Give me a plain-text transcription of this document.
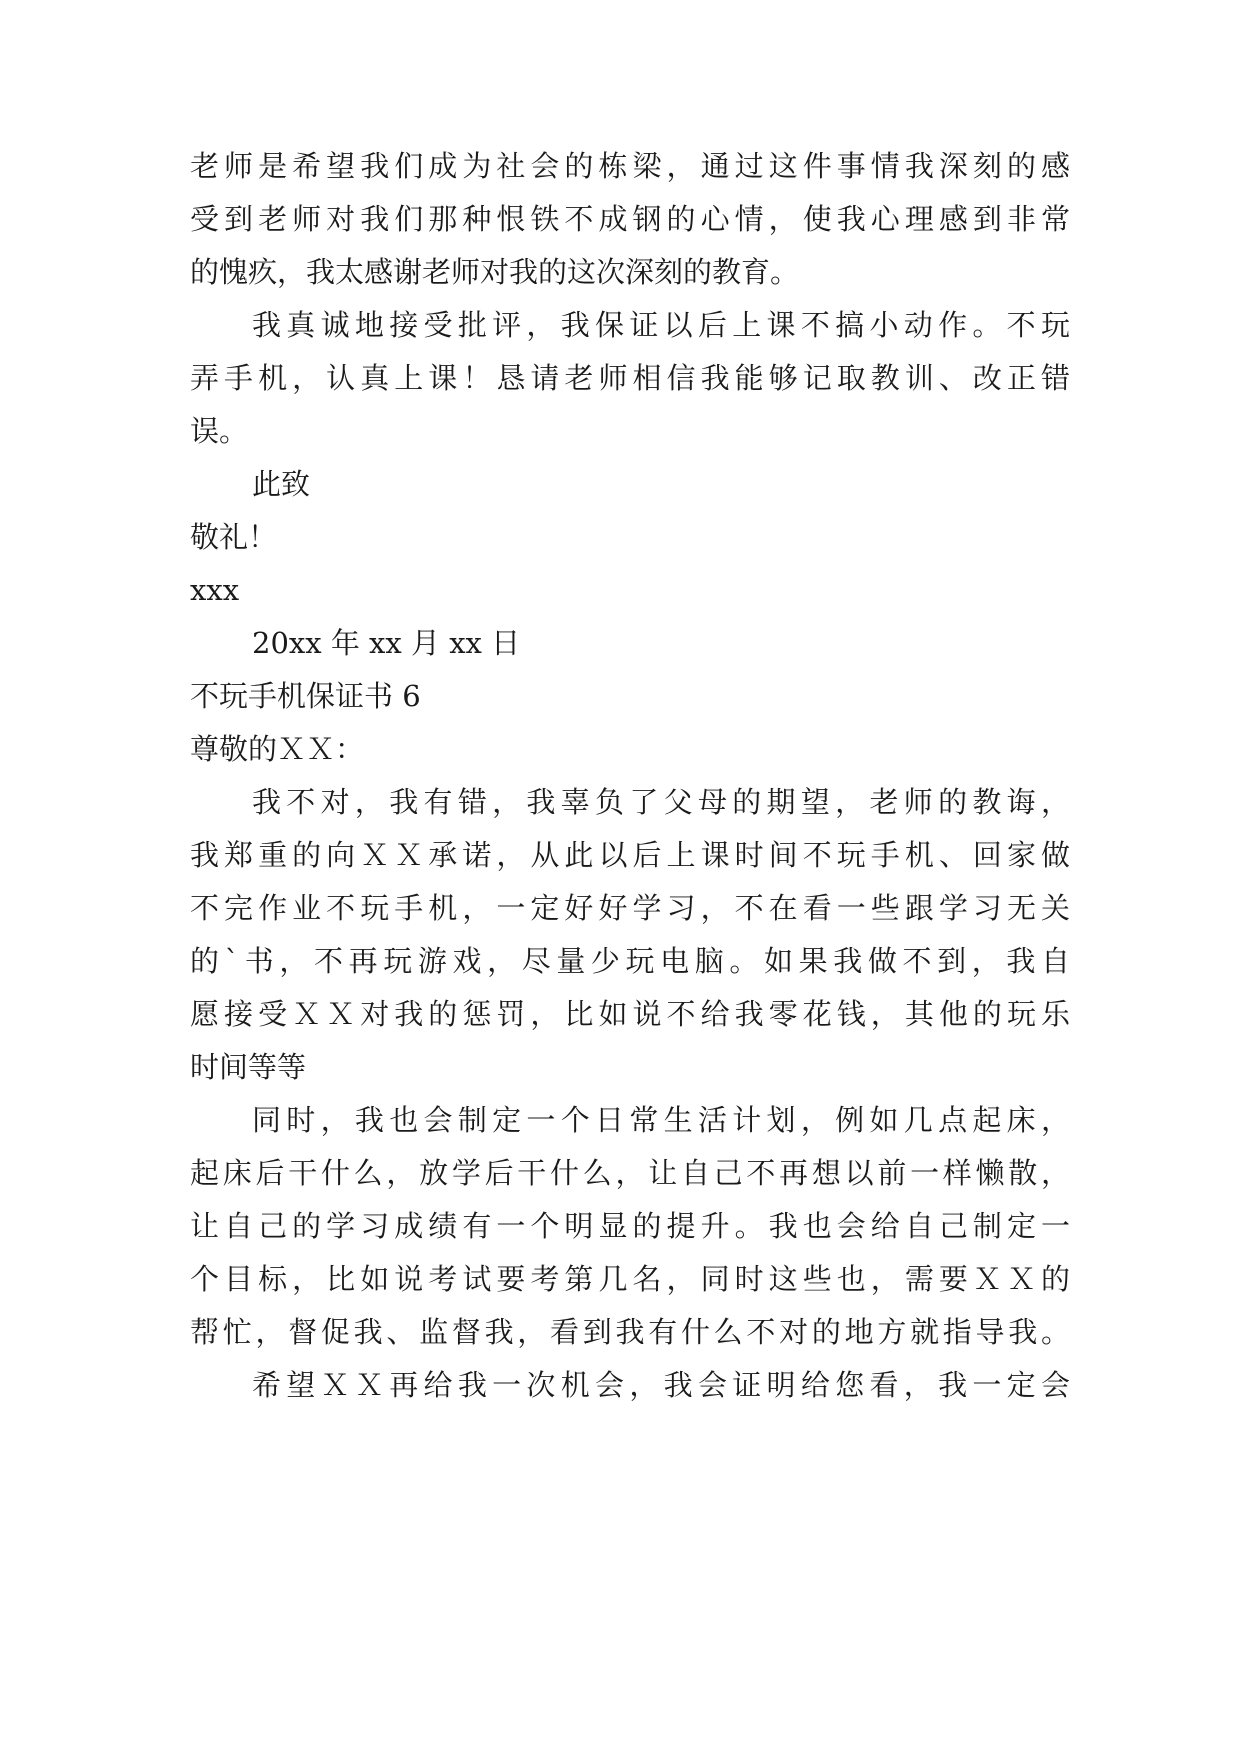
老师是希望我们成为社会的栋梁，通过这件事情我深刻的感
受到老师对我们那种恨铁不成钢的心情，使我心理感到非常
的愧疚，我太感谢老师对我的这次深刻的教育。
我真诚地接受批评，我保证以后上课不搞小动作。不玩
弄手机，认真上课！恳请老师相信我能够记取教训、改正错
误。
此致
敬礼！
xxx
20xx 年 xx 月 xx 日
不玩手机保证书 6
尊敬的ＸＸ：
我不对，我有错，我辜负了父母的期望，老师的教诲，
我郑重的向ＸＸ承诺，从此以后上课时间不玩手机、回家做
不完作业不玩手机，一定好好学习，不在看一些跟学习无关
的`书，不再玩游戏，尽量少玩电脑。如果我做不到，我自
愿接受ＸＸ对我的惩罚，比如说不给我零花钱，其他的玩乐
时间等等
同时，我也会制定一个日常生活计划，例如几点起床，
起床后干什么，放学后干什么，让自己不再想以前一样懒散，
让自己的学习成绩有一个明显的提升。我也会给自己制定一
个目标，比如说考试要考第几名，同时这些也，需要ＸＸ的
帮忙，督促我、监督我，看到我有什么不对的地方就指导我。
希望ＸＸ再给我一次机会，我会证明给您看，我一定会
